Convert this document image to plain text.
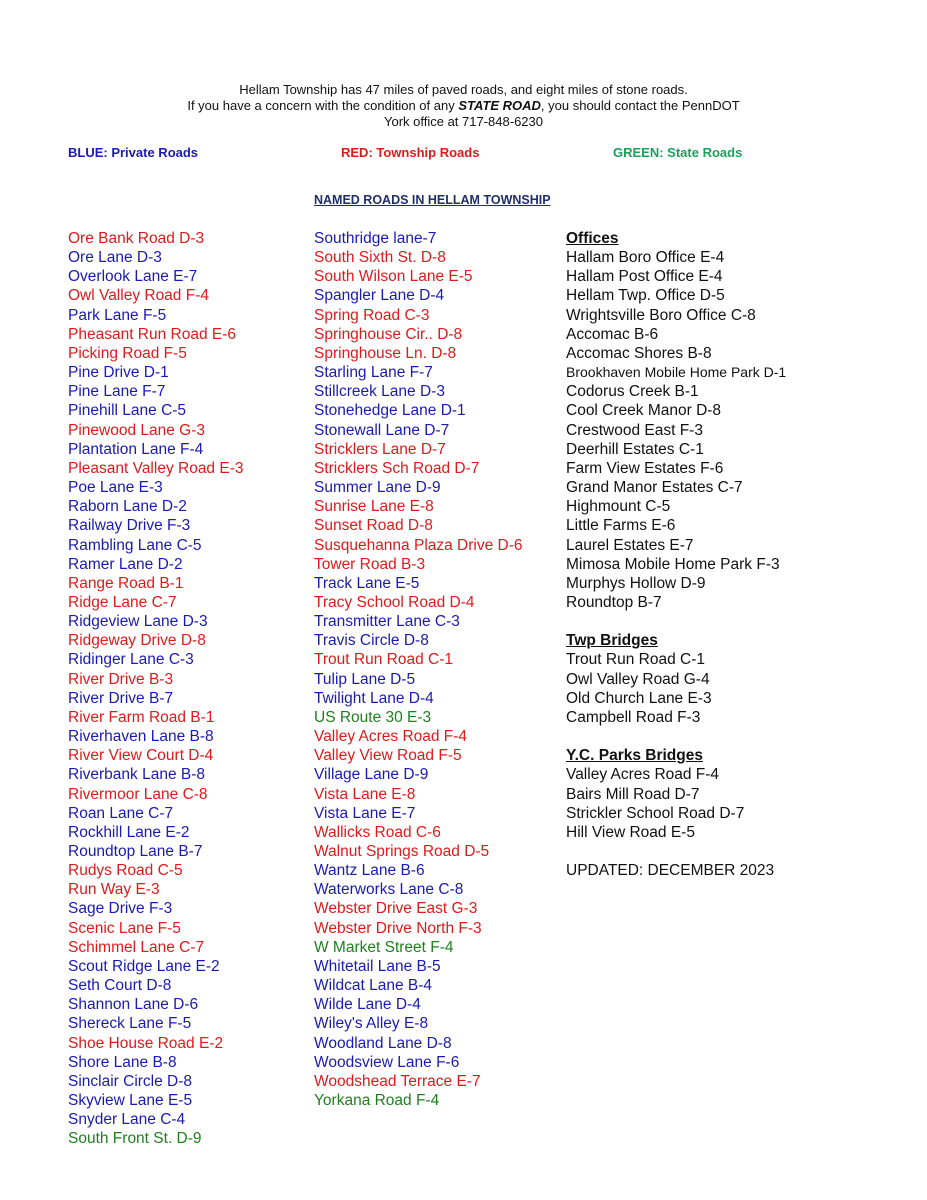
Hellam Township has 47 miles of paved roads, and eight miles of stone roads.
If you have a concern with the condition of any STATE ROAD, you should contact the PennDOT
York office at 717-848-6230
BLUE: Private Roads	RED: Township Roads	GREEN: State Roads
NAMED ROADS IN HELLAM TOWNSHIP
Ore Bank Road D-3
Ore Lane D-3
Overlook Lane E-7
Owl Valley Road F-4
Park Lane F-5
Pheasant Run Road E-6
Picking Road F-5
Pine Drive D-1
Pine Lane F-7
Pinehill Lane C-5
Pinewood Lane G-3
Plantation Lane F-4
Pleasant Valley Road E-3
Poe Lane E-3
Raborn Lane D-2
Railway Drive F-3
Rambling Lane C-5
Ramer Lane D-2
Range Road B-1
Ridge Lane C-7
Ridgeview Lane D-3
Ridgeway Drive D-8
Ridinger Lane C-3
River Drive B-3
River Drive B-7
River Farm Road B-1
Riverhaven Lane B-8
River View Court D-4
Riverbank Lane B-8
Rivermoor Lane C-8
Roan Lane C-7
Rockhill Lane E-2
Roundtop Lane B-7
Rudys Road C-5
Run Way E-3
Sage Drive F-3
Scenic Lane F-5
Schimmel Lane C-7
Scout Ridge Lane E-2
Seth Court D-8
Shannon Lane D-6
Shereck Lane F-5
Shoe House Road E-2
Shore Lane B-8
Sinclair Circle D-8
Skyview Lane E-5
Snyder Lane C-4
South Front St. D-9
Southridge lane-7
South Sixth St. D-8
South Wilson Lane E-5
Spangler Lane D-4
Spring Road C-3
Springhouse Cir.. D-8
Springhouse Ln. D-8
Starling Lane F-7
Stillcreek Lane D-3
Stonehedge Lane D-1
Stonewall Lane D-7
Stricklers Lane D-7
Stricklers Sch Road D-7
Summer Lane D-9
Sunrise Lane E-8
Sunset Road D-8
Susquehanna Plaza Drive D-6
Tower Road B-3
Track Lane E-5
Tracy School Road D-4
Transmitter Lane C-3
Travis Circle D-8
Trout Run Road C-1
Tulip Lane D-5
Twilight Lane D-4
US Route 30 E-3
Valley Acres Road F-4
Valley View Road F-5
Village Lane D-9
Vista Lane E-8
Vista Lane E-7
Wallicks Road C-6
Walnut Springs Road D-5
Wantz Lane B-6
Waterworks Lane C-8
Webster Drive East G-3
Webster Drive North F-3
W Market Street F-4
Whitetail Lane B-5
Wildcat Lane B-4
Wilde Lane D-4
Wiley's Alley E-8
Woodland Lane D-8
Woodsview Lane F-6
Woodshead Terrace E-7
Yorkana Road F-4
Offices
Hallam Boro Office E-4
Hallam Post Office E-4
Hellam Twp. Office D-5
Wrightsville Boro Office C-8
Accomac B-6
Accomac Shores B-8
Brookhaven Mobile Home Park D-1
Codorus Creek B-1
Cool Creek Manor D-8
Crestwood East F-3
Deerhill Estates C-1
Farm View Estates F-6
Grand Manor Estates C-7
Highmount C-5
Little Farms E-6
Laurel Estates E-7
Mimosa Mobile Home Park F-3
Murphys Hollow D-9
Roundtop B-7
Twp Bridges
Trout Run Road C-1
Owl Valley Road G-4
Old Church Lane E-3
Campbell Road F-3
Y.C. Parks Bridges
Valley Acres Road F-4
Bairs Mill Road D-7
Strickler School Road D-7
Hill View Road E-5
UPDATED: DECEMBER 2023
